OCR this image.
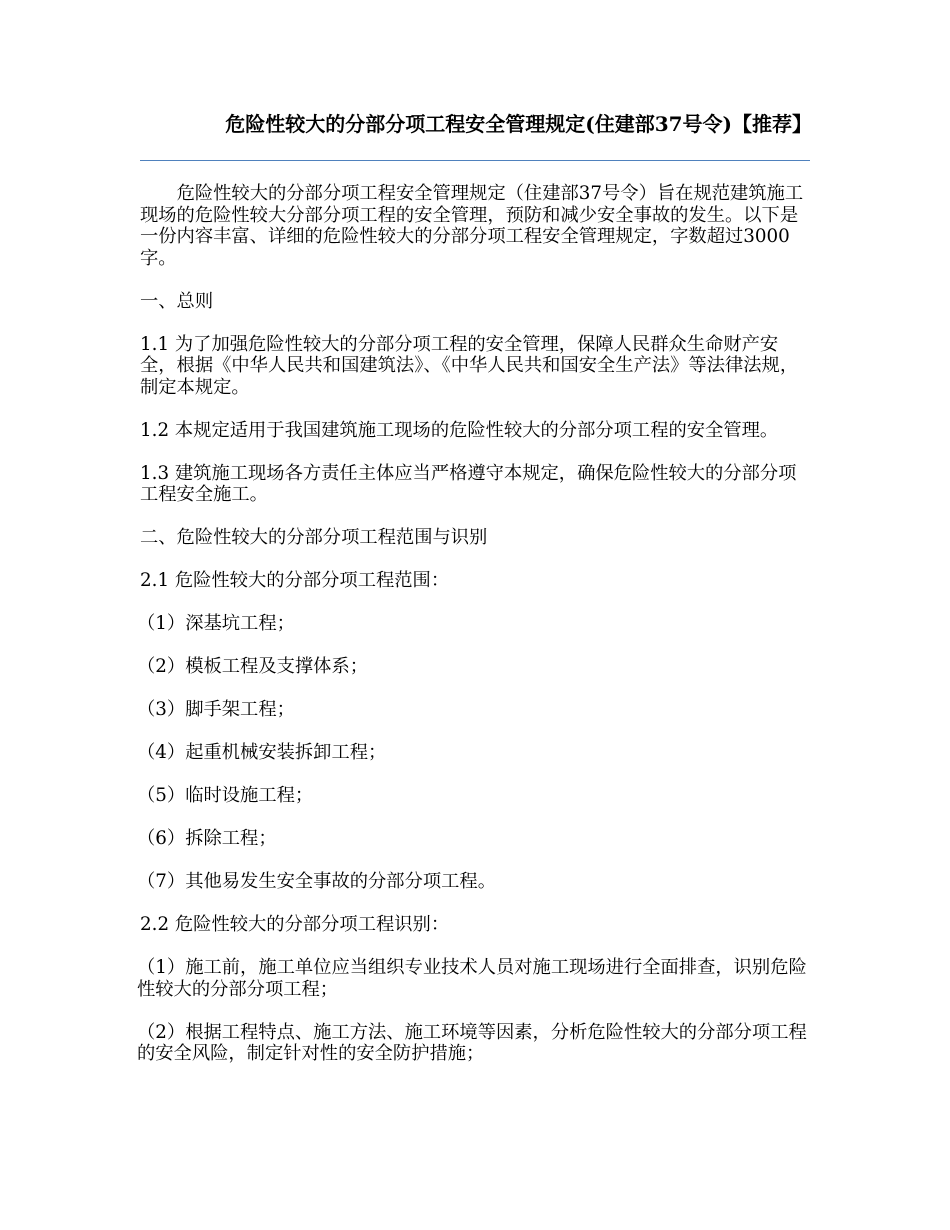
危险性较大的分部分项工程安全管理规定(住建部37号令)【推荐】

危险性较大的分部分项工程安全管理规定（住建部37号令）旨在规范建筑施工现场的危险性较大分部分项工程的安全管理，预防和减少安全事故的发生。以下是一份内容丰富、详细的危险性较大的分部分项工程安全管理规定，字数超过3000字。

一、总则

1.1 为了加强危险性较大的分部分项工程的安全管理，保障人民群众生命财产安全，根据《中华人民共和国建筑法》、《中华人民共和国安全生产法》等法律法规，制定本规定。

1.2 本规定适用于我国建筑施工现场的危险性较大的分部分项工程的安全管理。

1.3 建筑施工现场各方责任主体应当严格遵守本规定，确保危险性较大的分部分项工程安全施工。

二、危险性较大的分部分项工程范围与识别

2.1 危险性较大的分部分项工程范围：

（1）深基坑工程；

（2）模板工程及支撑体系；

（3）脚手架工程；

（4）起重机械安装拆卸工程；

（5）临时设施工程；

（6）拆除工程；

（7）其他易发生安全事故的分部分项工程。

2.2 危险性较大的分部分项工程识别：

（1）施工前，施工单位应当组织专业技术人员对施工现场进行全面排查，识别危险性较大的分部分项工程；

（2）根据工程特点、施工方法、施工环境等因素，分析危险性较大的分部分项工程的安全风险，制定针对性的安全防护措施；
